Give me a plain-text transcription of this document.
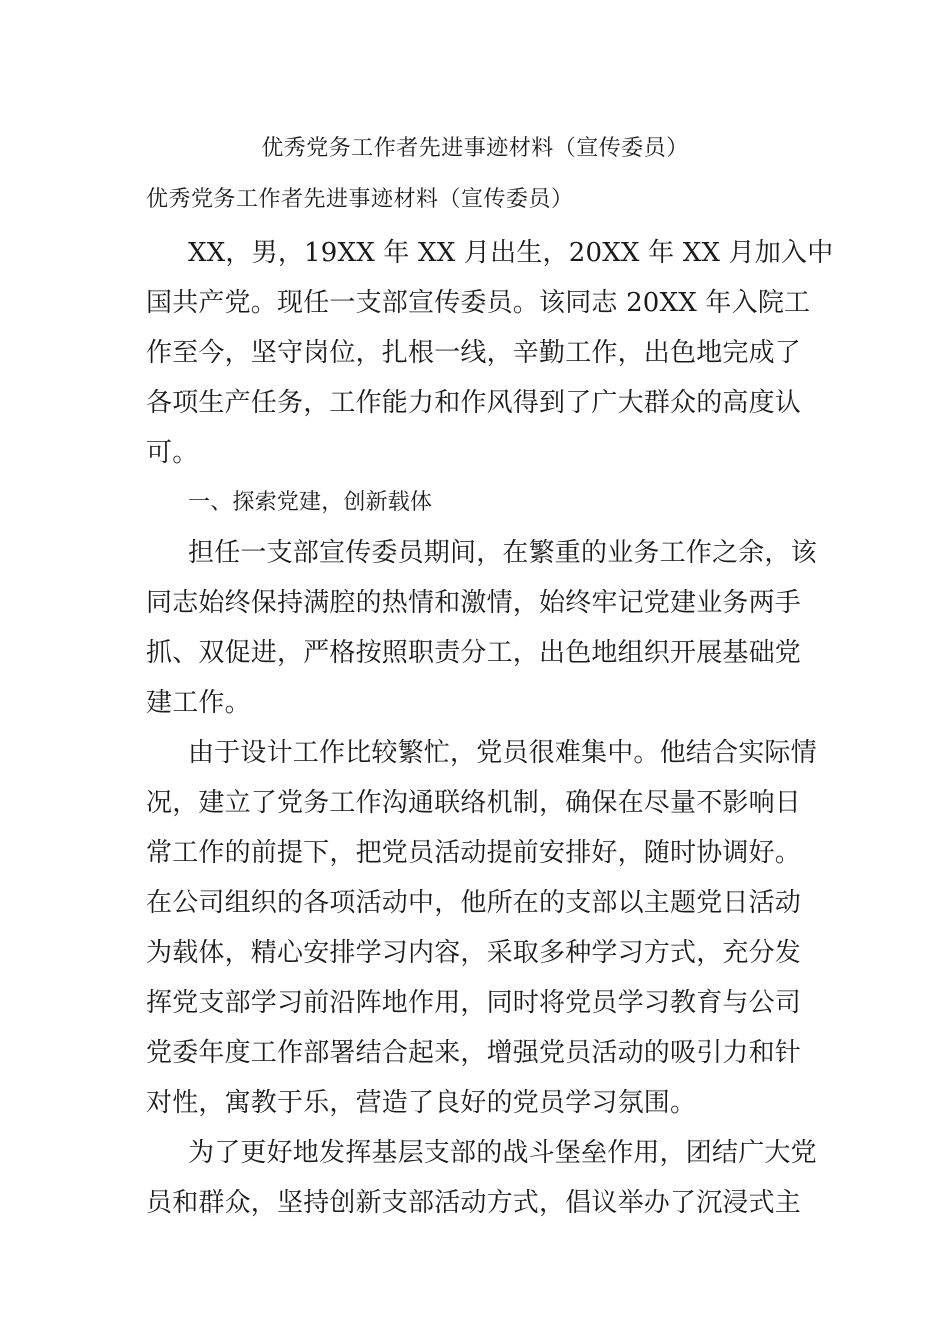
优秀党务工作者先进事迹材料（宣传委员）
优秀党务工作者先进事迹材料（宣传委员）
XX，男，19XX 年 XX 月出生，20XX 年 XX 月加入中
国共产党。现任一支部宣传委员。该同志 20XX 年入院工
作至今，坚守岗位，扎根一线，辛勤工作，出色地完成了
各项生产任务，工作能力和作风得到了广大群众的高度认
可。
一、探索党建，创新载体
担任一支部宣传委员期间，在繁重的业务工作之余，该
同志始终保持满腔的热情和激情，始终牢记党建业务两手
抓、双促进，严格按照职责分工，出色地组织开展基础党
建工作。
由于设计工作比较繁忙，党员很难集中。他结合实际情
况，建立了党务工作沟通联络机制，确保在尽量不影响日
常工作的前提下，把党员活动提前安排好，随时协调好。
在公司组织的各项活动中，他所在的支部以主题党日活动
为载体，精心安排学习内容，采取多种学习方式，充分发
挥党支部学习前沿阵地作用，同时将党员学习教育与公司
党委年度工作部署结合起来，增强党员活动的吸引力和针
对性，寓教于乐，营造了良好的党员学习氛围。
为了更好地发挥基层支部的战斗堡垒作用，团结广大党
员和群众，坚持创新支部活动方式，倡议举办了沉浸式主
